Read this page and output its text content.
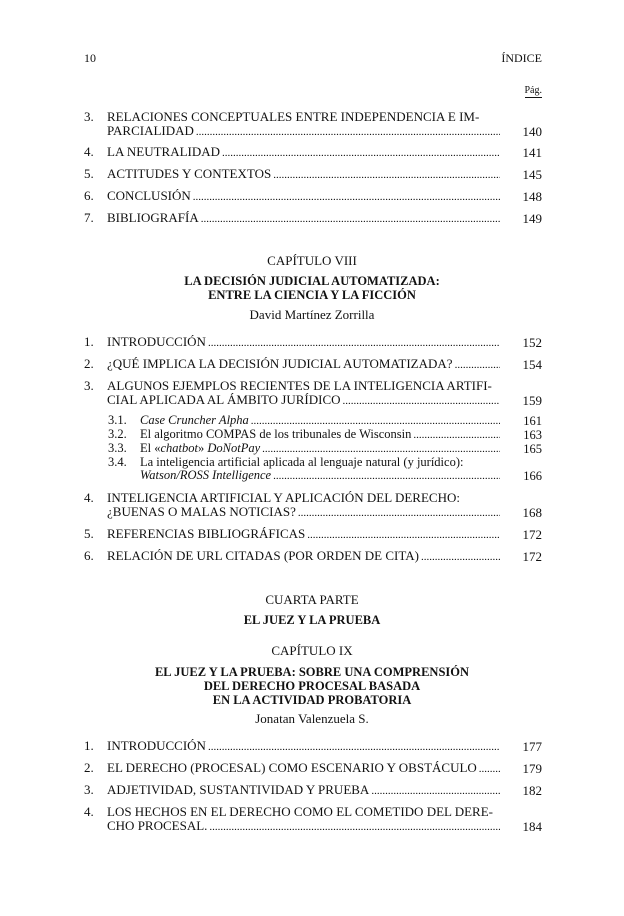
10	ÍNDICE
Pág.
3.	RELACIONES CONCEPTUALES ENTRE INDEPENDENCIA E IM-
PARCIALIDAD .....	140
4.	LA NEUTRALIDAD .....	141
5.	ACTITUDES Y CONTEXTOS .....	145
6.	CONCLUSIÓN .....	148
7.	BIBLIOGRAFÍA .....	149
CAPÍTULO VIII
LA DECISIÓN JUDICIAL AUTOMATIZADA:
ENTRE LA CIENCIA Y LA FICCIÓN
David Martínez Zorrilla
1.	INTRODUCCIÓN .....	152
2.	¿QUÉ IMPLICA LA DECISIÓN JUDICIAL AUTOMATIZADA? .....	154
3.	ALGUNOS EJEMPLOS RECIENTES DE LA INTELIGENCIA ARTIFI-
CIAL APLICADA AL ÁMBITO JURÍDICO .....	159
3.1. Case Cruncher Alpha .....	161
3.2. El algoritmo COMPAS de los tribunales de Wisconsin .....	163
3.3. El «chatbot» DoNotPay .....	165
3.4. La inteligencia artificial aplicada al lenguaje natural (y jurídico):
Watson/ROSS Intelligence .....	166
4.	INTELIGENCIA ARTIFICIAL Y APLICACIÓN DEL DERECHO:
¿BUENAS O MALAS NOTICIAS? .....	168
5.	REFERENCIAS BIBLIOGRÁFICAS .....	172
6.	RELACIÓN DE URL CITADAS (POR ORDEN DE CITA) .....	172
CUARTA PARTE
EL JUEZ Y LA PRUEBA
CAPÍTULO IX
EL JUEZ Y LA PRUEBA: SOBRE UNA COMPRENSIÓN
DEL DERECHO PROCESAL BASADA
EN LA ACTIVIDAD PROBATORIA
Jonatan Valenzuela S.
1.	INTRODUCCIÓN .....	177
2.	EL DERECHO (PROCESAL) COMO ESCENARIO Y OBSTÁCULO .....	179
3.	ADJETIVIDAD, SUSTANTIVIDAD Y PRUEBA .....	182
4.	LOS HECHOS EN EL DERECHO COMO EL COMETIDO DEL DERE-
CHO PROCESAL. .....	184
